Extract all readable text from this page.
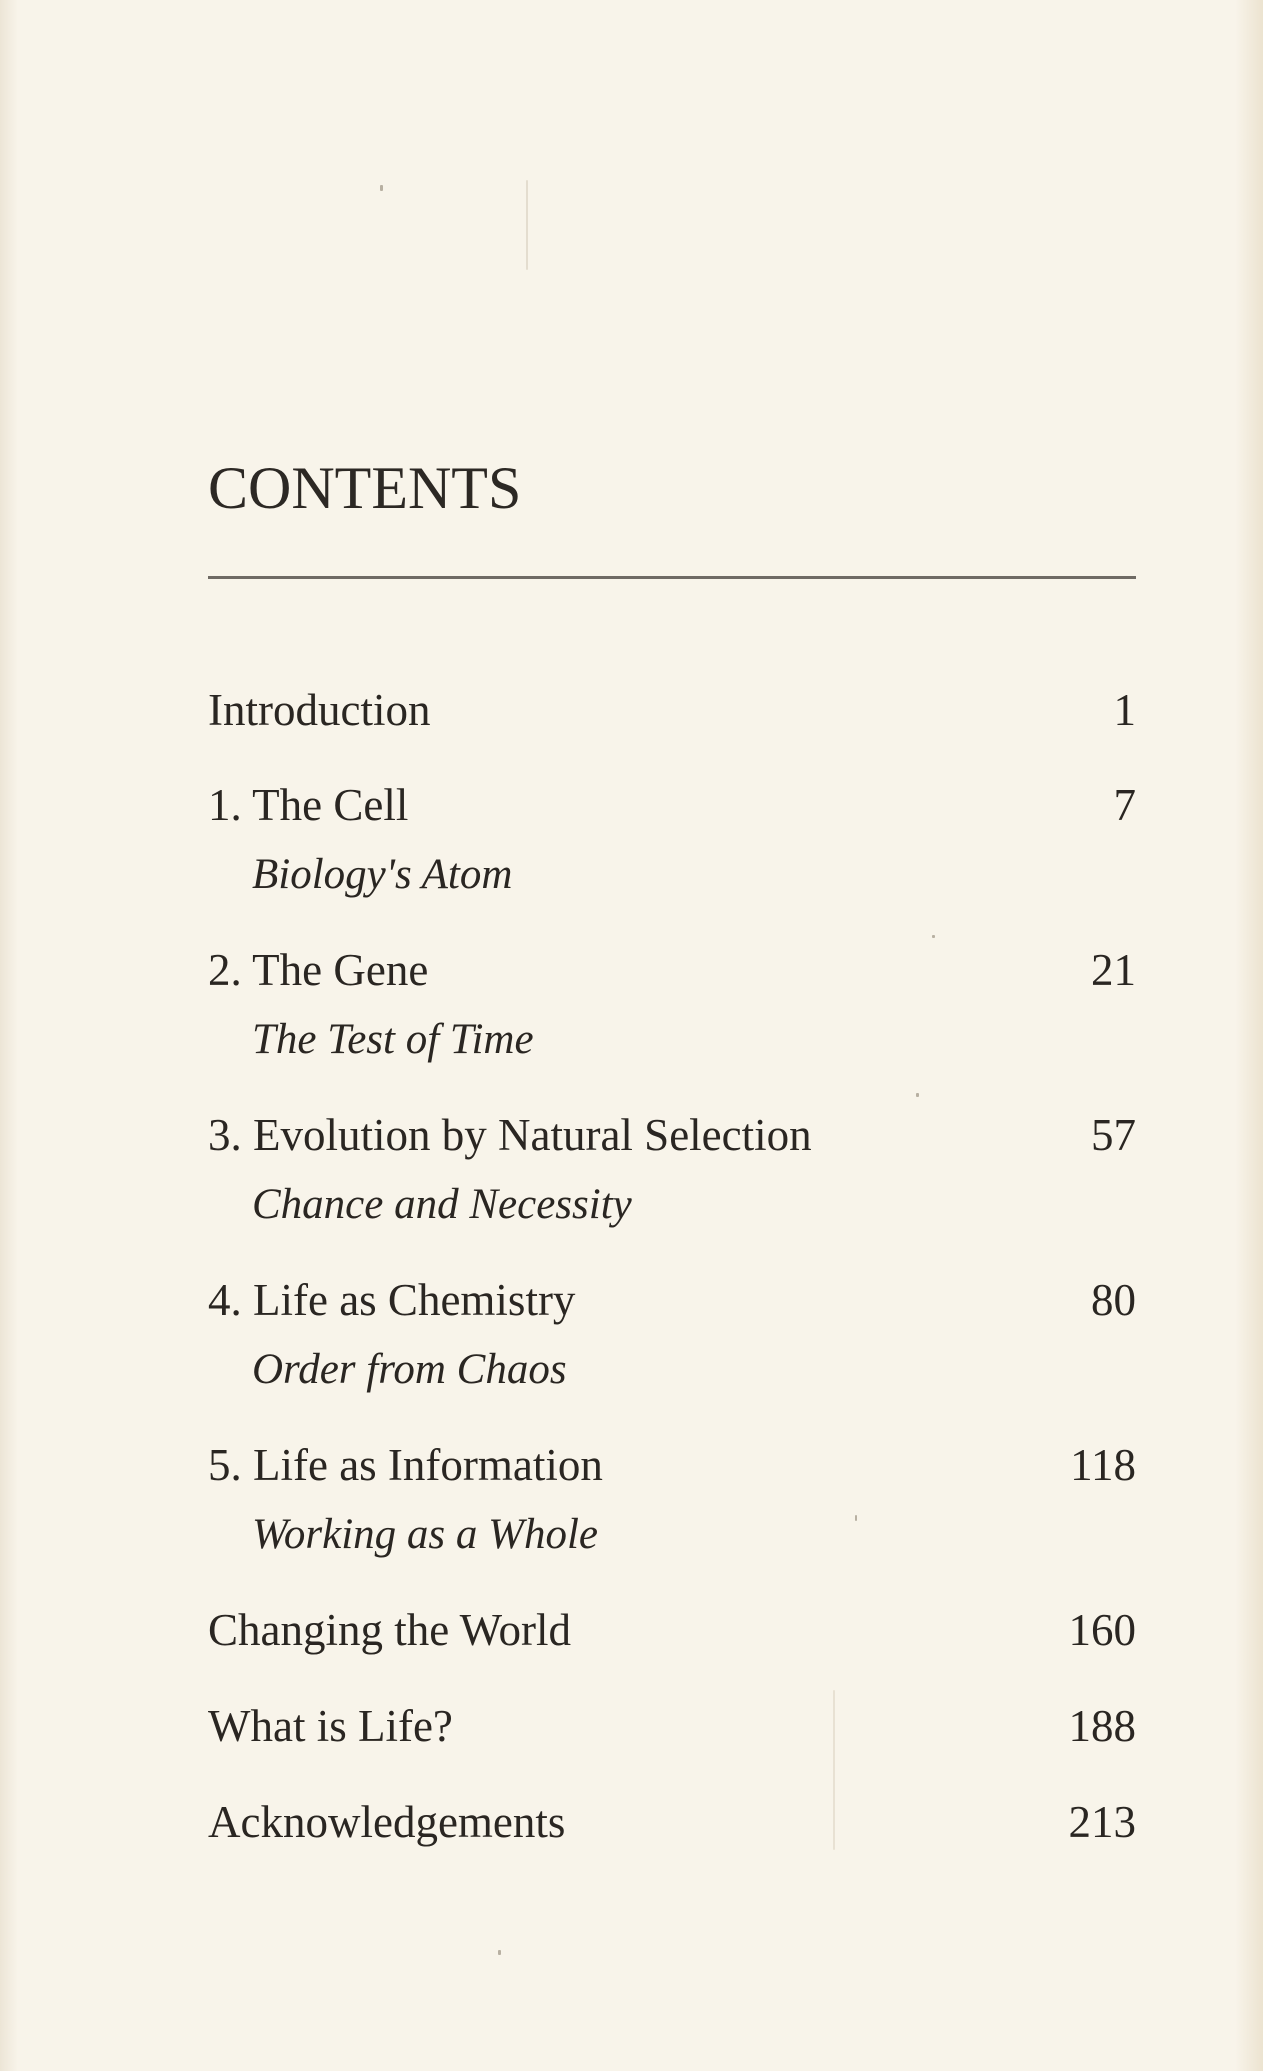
CONTENTS
Introduction	1
1. The Cell	7
Biology's Atom
2. The Gene	21
The Test of Time
3. Evolution by Natural Selection	57
Chance and Necessity
4. Life as Chemistry	80
Order from Chaos
5. Life as Information	118
Working as a Whole
Changing the World	160
What is Life?	188
Acknowledgements	213
